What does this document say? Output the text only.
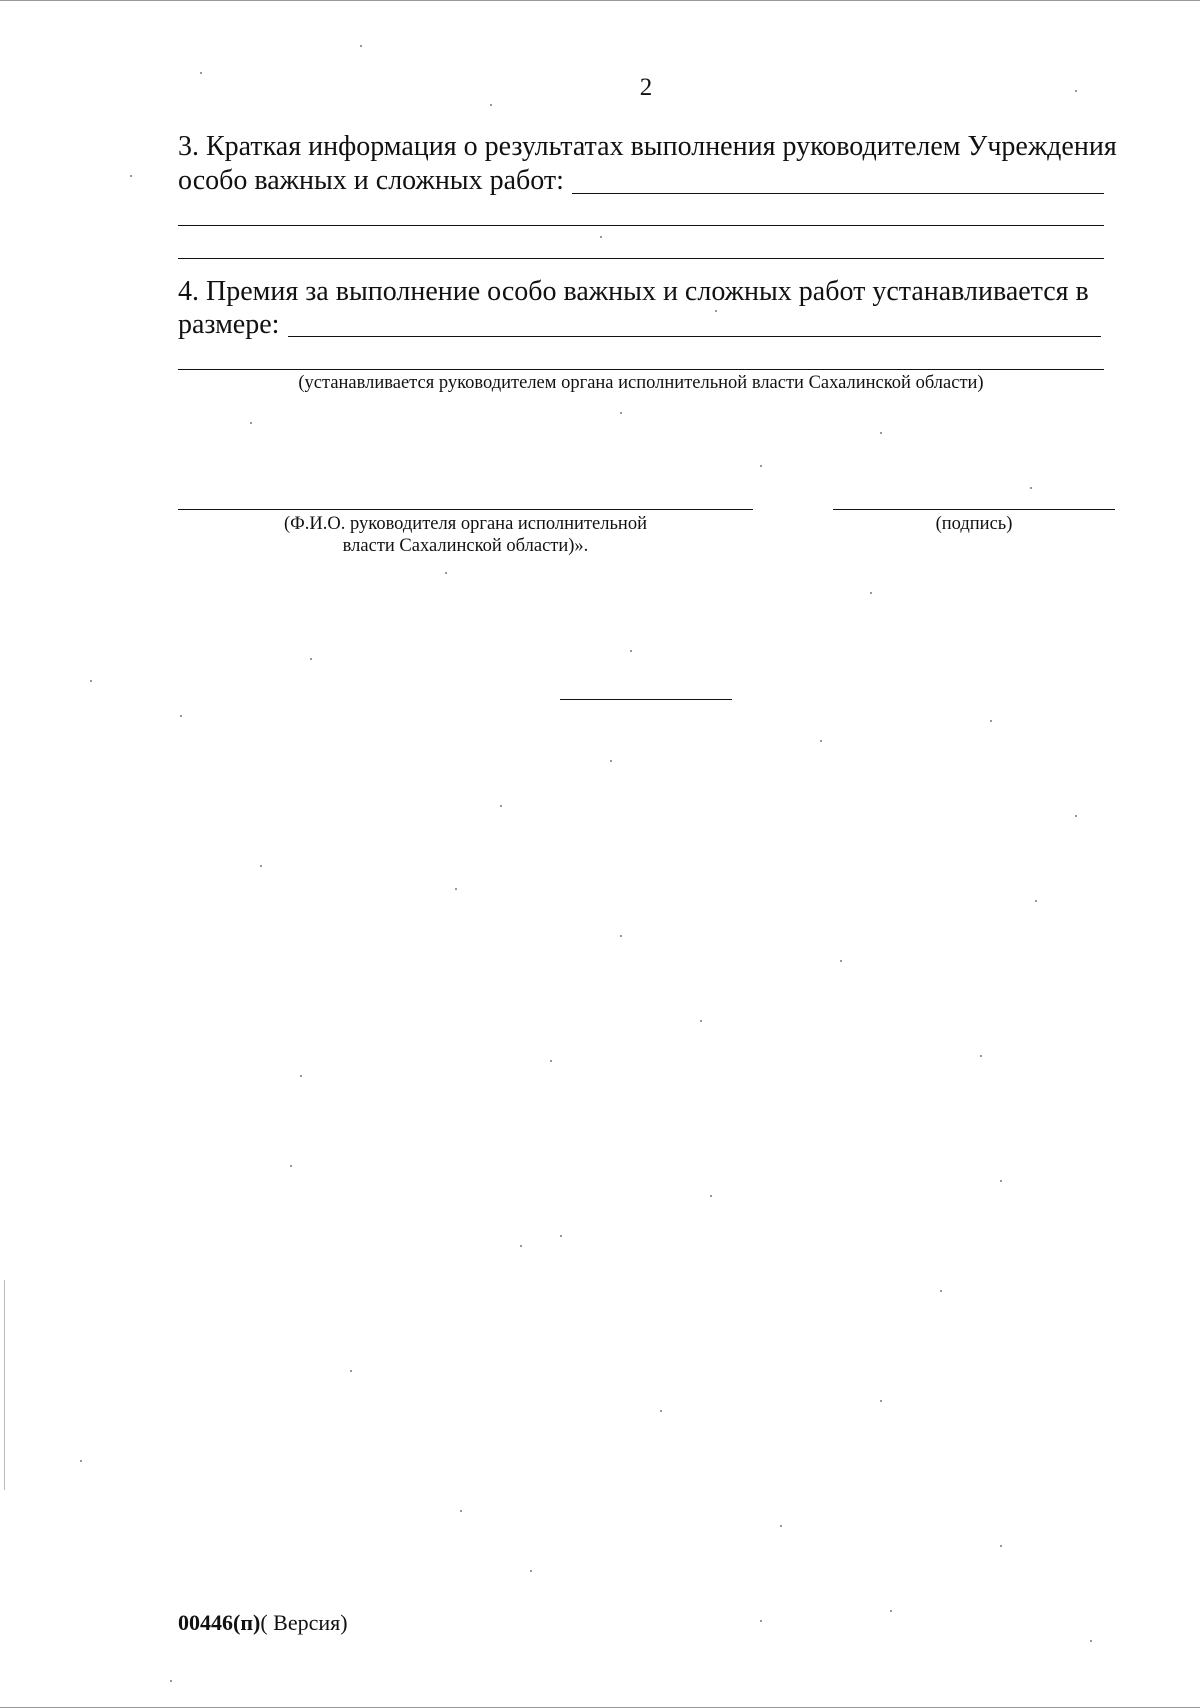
2
3. Краткая информация о результатах выполнения руководителем Учреждения
особо важных и сложных работ:
4. Премия за выполнение особо важных и сложных работ устанавливается в
размере:
(устанавливается руководителем органа исполнительной власти Сахалинской области)
(Ф.И.О. руководителя органа исполнительной
власти Сахалинской области)».
(подпись)
00446(п)( Версия)
